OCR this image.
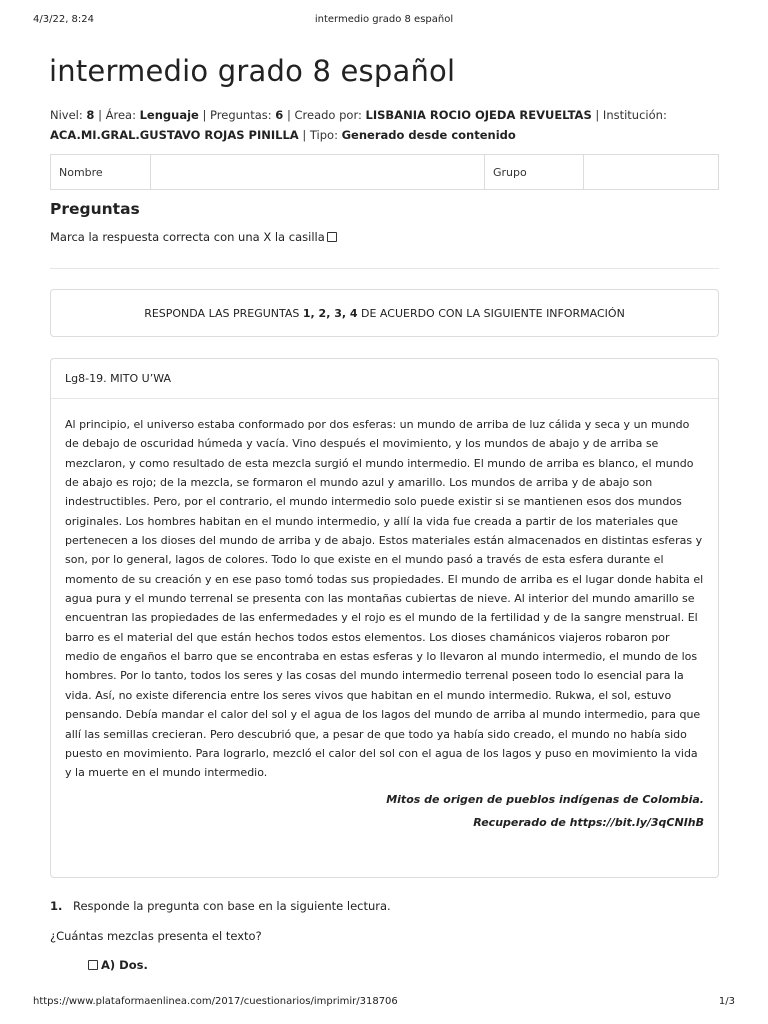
4/3/22, 8:24	intermedio grado 8 español
intermedio grado 8 español
Nivel: 8 | Área: Lenguaje | Preguntas: 6 | Creado por: LISBANIA ROCIO OJEDA REVUELTAS | Institución: ACA.MI.GRAL.GUSTAVO ROJAS PINILLA | Tipo: Generado desde contenido
Nombre	Grupo
Preguntas
Marca la respuesta correcta con una X la casilla
RESPONDA LAS PREGUNTAS 1, 2, 3, 4 DE ACUERDO CON LA SIGUIENTE INFORMACIÓN
Lg8-19. MITO U’WA

Al principio, el universo estaba conformado por dos esferas: un mundo de arriba de luz cálida y seca y un mundo de debajo de oscuridad húmeda y vacía. Vino después el movimiento, y los mundos de abajo y de arriba se mezclaron, y como resultado de esta mezcla surgió el mundo intermedio. El mundo de arriba es blanco, el mundo de abajo es rojo; de la mezcla, se formaron el mundo azul y amarillo. Los mundos de arriba y de abajo son indestructibles. Pero, por el contrario, el mundo intermedio solo puede existir si se mantienen esos dos mundos originales. Los hombres habitan en el mundo intermedio, y allí la vida fue creada a partir de los materiales que pertenecen a los dioses del mundo de arriba y de abajo. Estos materiales están almacenados en distintas esferas y son, por lo general, lagos de colores. Todo lo que existe en el mundo pasó a través de esta esfera durante el momento de su creación y en ese paso tomó todas sus propiedades. El mundo de arriba es el lugar donde habita el agua pura y el mundo terrenal se presenta con las montañas cubiertas de nieve. Al interior del mundo amarillo se encuentran las propiedades de las enfermedades y el rojo es el mundo de la fertilidad y de la sangre menstrual. El barro es el material del que están hechos todos estos elementos. Los dioses chamánicos viajeros robaron por medio de engaños el barro que se encontraba en estas esferas y lo llevaron al mundo intermedio, el mundo de los hombres. Por lo tanto, todos los seres y las cosas del mundo intermedio terrenal poseen todo lo esencial para la vida. Así, no existe diferencia entre los seres vivos que habitan en el mundo intermedio. Rukwa, el sol, estuvo pensando. Debía mandar el calor del sol y el agua de los lagos del mundo de arriba al mundo intermedio, para que allí las semillas crecieran. Pero descubrió que, a pesar de que todo ya había sido creado, el mundo no había sido puesto en movimiento. Para lograrlo, mezcló el calor del sol con el agua de los lagos y puso en movimiento la vida y la muerte en el mundo intermedio.

Mitos de origen de pueblos indígenas de Colombia.

Recuperado de https://bit.ly/3qCNIhB

1. Responde la pregunta con base en la siguiente lectura.
¿Cuántas mezclas presenta el texto?
A) Dos.
https://www.plataformaenlinea.com/2017/cuestionarios/imprimir/318706	1/3
